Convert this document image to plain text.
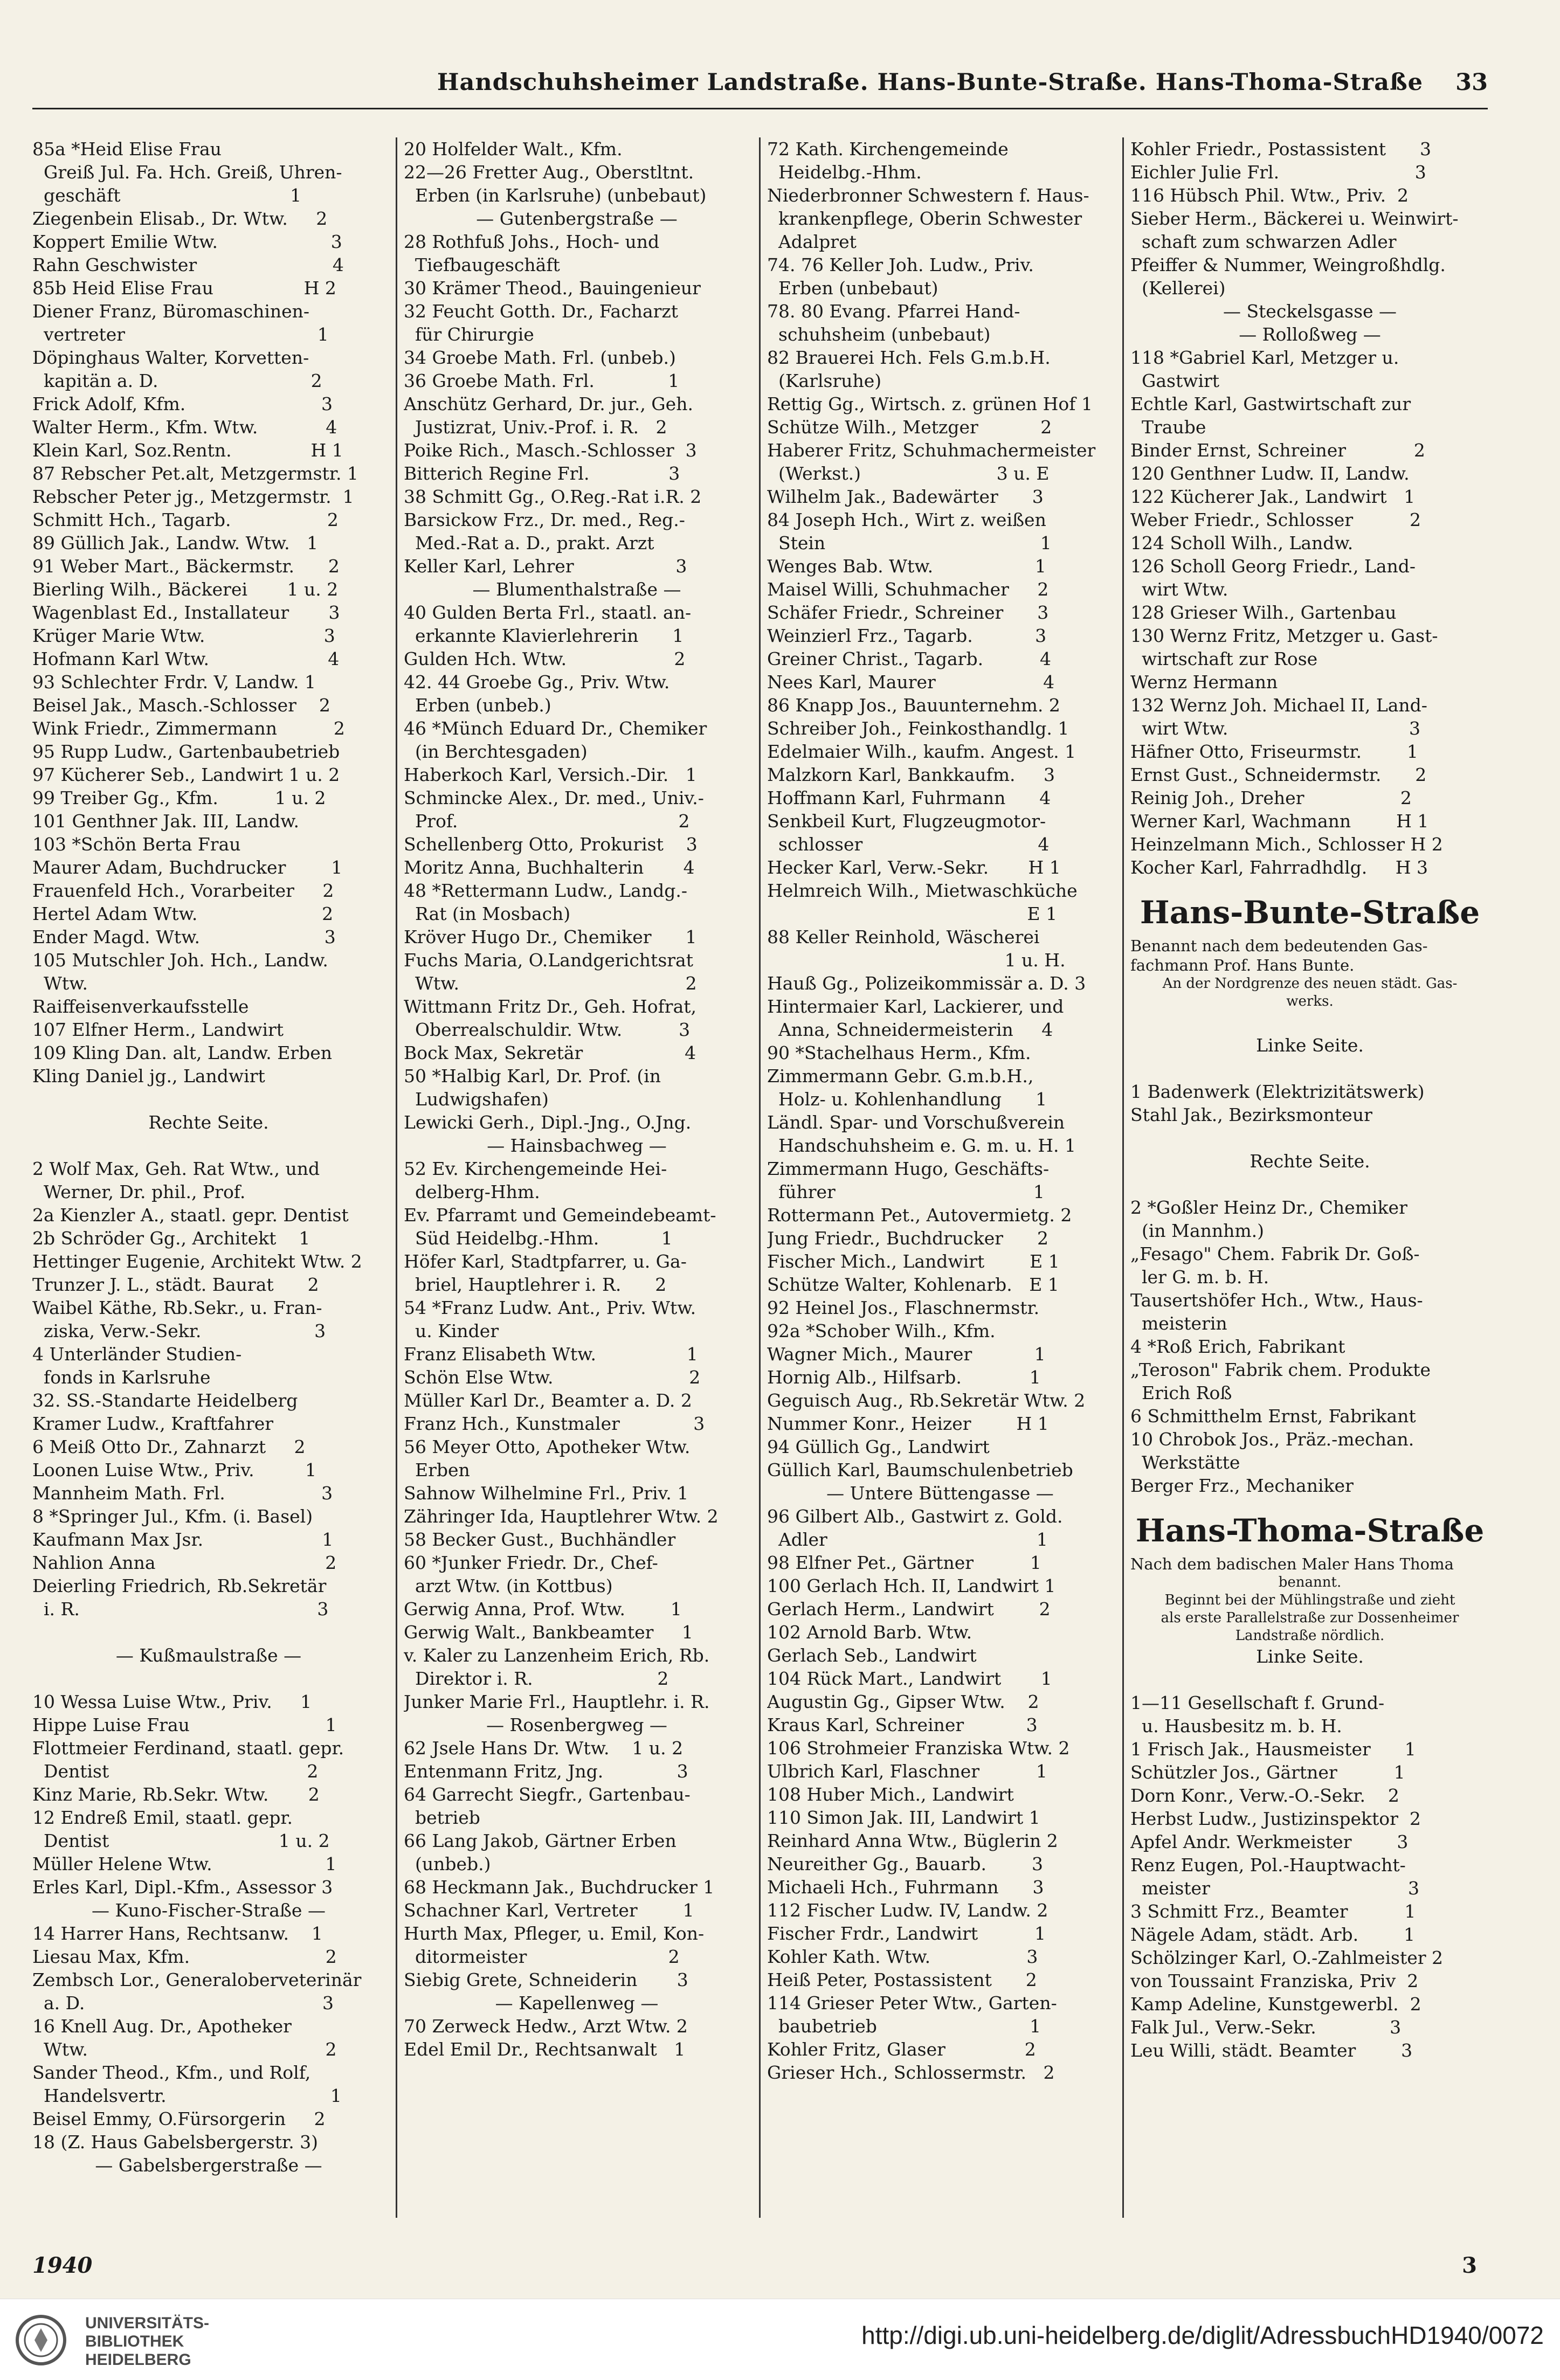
Handschuhsheimer Landstraße. Hans-Bunte-Straße. Hans-Thoma-Straße 33
85a *Heid Elise Frau
Greiß Jul. Fa. Hch. Greiß, Uhren-
geschäft                              1
Ziegenbein Elisab., Dr. Wtw.     2
Koppert Emilie Wtw.                    3
Rahn Geschwister                        4
85b Heid Elise Frau                H 2
Diener Franz, Büromaschinen-
vertreter                                  1
Döpinghaus Walter, Korvetten-
kapitän a. D.                           2
Frick Adolf, Kfm.                        3
Walter Herm., Kfm. Wtw.            4
Klein Karl, Soz.Rentn.              H 1
87 Rebscher Pet.alt, Metzgermstr. 1
Rebscher Peter jg., Metzgermstr.  1
Schmitt Hch., Tagarb.                 2
89 Güllich Jak., Landw. Wtw.   1
91 Weber Mart., Bäckermstr.      2
Bierling Wilh., Bäckerei       1 u. 2
Wagenblast Ed., Installateur       3
Krüger Marie Wtw.                     3
Hofmann Karl Wtw.                     4
93 Schlechter Frdr. V, Landw. 1
Beisel Jak., Masch.-Schlosser    2
Wink Friedr., Zimmermann          2
95 Rupp Ludw., Gartenbaubetrieb
97 Kücherer Seb., Landwirt 1 u. 2
99 Treiber Gg., Kfm.          1 u. 2
101 Genthner Jak. III, Landw.
103 *Schön Berta Frau
Maurer Adam, Buchdrucker        1
Frauenfeld Hch., Vorarbeiter     2
Hertel Adam Wtw.                      2
Ender Magd. Wtw.                      3
105 Mutschler Joh. Hch., Landw.
Wtw.
Raiffeisenverkaufsstelle
107 Elfner Herm., Landwirt
109 Kling Dan. alt, Landw. Erben
Kling Daniel jg., Landwirt

Rechte Seite.

2 Wolf Max, Geh. Rat Wtw., und
Werner, Dr. phil., Prof.
2a Kienzler A., staatl. gepr. Dentist
2b Schröder Gg., Architekt    1
Hettinger Eugenie, Architekt Wtw. 2
Trunzer J. L., städt. Baurat      2
Waibel Käthe, Rb.Sekr., u. Fran-
ziska, Verw.-Sekr.                    3
4 Unterländer Studien-
fonds in Karlsruhe
32. SS.-Standarte Heidelberg
Kramer Ludw., Kraftfahrer
6 Meiß Otto Dr., Zahnarzt     2
Loonen Luise Wtw., Priv.         1
Mannheim Math. Frl.                 3
8 *Springer Jul., Kfm. (i. Basel)
Kaufmann Max Jsr.                     1
Nahlion Anna                              2
Deierling Friedrich, Rb.Sekretär
i. R.                                          3

— Kußmaulstraße —

10 Wessa Luise Wtw., Priv.     1
Hippe Luise Frau                        1
Flottmeier Ferdinand, staatl. gepr.
Dentist                                   2
Kinz Marie, Rb.Sekr. Wtw.       2
12 Endreß Emil, staatl. gepr.
Dentist                              1 u. 2
Müller Helene Wtw.                    1
Erles Karl, Dipl.-Kfm., Assessor 3
— Kuno-Fischer-Straße —
14 Harrer Hans, Rechtsanw.    1
Liesau Max, Kfm.                        2
Zembsch Lor., Generaloberveterinär
a. D.                                          3
16 Knell Aug. Dr., Apotheker
Wtw.                                          2
Sander Theod., Kfm., und Rolf,
Handelsvertr.                             1
Beisel Emmy, O.Fürsorgerin     2
18 (Z. Haus Gabelsbergerstr. 3)
— Gabelsbergerstraße —
20 Holfelder Walt., Kfm.
22—26 Fretter Aug., Oberstltnt.
Erben (in Karlsruhe) (unbebaut)
— Gutenbergstraße —
28 Rothfuß Johs., Hoch- und
Tiefbaugeschäft
30 Krämer Theod., Bauingenieur
32 Feucht Gotth. Dr., Facharzt
für Chirurgie
34 Groebe Math. Frl. (unbeb.)
36 Groebe Math. Frl.             1
Anschütz Gerhard, Dr. jur., Geh.
Justizrat, Univ.-Prof. i. R.   2
Poike Rich., Masch.-Schlosser  3
Bitterich Regine Frl.              3
38 Schmitt Gg., O.Reg.-Rat i.R. 2
Barsickow Frz., Dr. med., Reg.-
Med.-Rat a. D., prakt. Arzt
Keller Karl, Lehrer                  3
— Blumenthalstraße —
40 Gulden Berta Frl., staatl. an-
erkannte Klavierlehrerin      1
Gulden Hch. Wtw.                   2
42. 44 Groebe Gg., Priv. Wtw.
Erben (unbeb.)
46 *Münch Eduard Dr., Chemiker
(in Berchtesgaden)
Haberkoch Karl, Versich.-Dir.   1
Schmincke Alex., Dr. med., Univ.-
Prof.                                       2
Schellenberg Otto, Prokurist    3
Moritz Anna, Buchhalterin       4
48 *Rettermann Ludw., Landg.-
Rat (in Mosbach)
Kröver Hugo Dr., Chemiker      1
Fuchs Maria, O.Landgerichtsrat
Wtw.                                        2
Wittmann Fritz Dr., Geh. Hofrat,
Oberrealschuldir. Wtw.          3
Bock Max, Sekretär                  4
50 *Halbig Karl, Dr. Prof. (in
Ludwigshafen)
Lewicki Gerh., Dipl.-Jng., O.Jng.
— Hainsbachweg —
52 Ev. Kirchengemeinde Hei-
delberg-Hhm.
Ev. Pfarramt und Gemeindebeamt-
Süd Heidelbg.-Hhm.           1
Höfer Karl, Stadtpfarrer, u. Ga-
briel, Hauptlehrer i. R.      2
54 *Franz Ludw. Ant., Priv. Wtw.
u. Kinder
Franz Elisabeth Wtw.                1
Schön Else Wtw.                        2
Müller Karl Dr., Beamter a. D. 2
Franz Hch., Kunstmaler             3
56 Meyer Otto, Apotheker Wtw.
Erben
Sahnow Wilhelmine Frl., Priv. 1
Zähringer Ida, Hauptlehrer Wtw. 2
58 Becker Gust., Buchhändler
60 *Junker Friedr. Dr., Chef-
arzt Wtw. (in Kottbus)
Gerwig Anna, Prof. Wtw.        1
Gerwig Walt., Bankbeamter     1
v. Kaler zu Lanzenheim Erich, Rb.
Direktor i. R.                      2
Junker Marie Frl., Hauptlehr. i. R.
— Rosenbergweg —
62 Jsele Hans Dr. Wtw.    1 u. 2
Entenmann Fritz, Jng.             3
64 Garrecht Siegfr., Gartenbau-
betrieb
66 Lang Jakob, Gärtner Erben
(unbeb.)
68 Heckmann Jak., Buchdrucker 1
Schachner Karl, Vertreter        1
Hurth Max, Pfleger, u. Emil, Kon-
ditormeister                         2
Siebig Grete, Schneiderin       3
— Kapellenweg —
70 Zerweck Hedw., Arzt Wtw. 2
Edel Emil Dr., Rechtsanwalt   1
72 Kath. Kirchengemeinde
Heidelbg.-Hhm.
Niederbronner Schwestern f. Haus-
krankenpflege, Oberin Schwester
Adalpret
74. 76 Keller Joh. Ludw., Priv.
Erben (unbebaut)
78. 80 Evang. Pfarrei Hand-
schuhsheim (unbebaut)
82 Brauerei Hch. Fels G.m.b.H.
(Karlsruhe)
Rettig Gg., Wirtsch. z. grünen Hof 1
Schütze Wilh., Metzger           2
Haberer Fritz, Schuhmachermeister
(Werkst.)                        3 u. E
Wilhelm Jak., Badewärter      3
84 Joseph Hch., Wirt z. weißen
Stein                                      1
Wenges Bab. Wtw.                  1
Maisel Willi, Schuhmacher     2
Schäfer Friedr., Schreiner      3
Weinzierl Frz., Tagarb.           3
Greiner Christ., Tagarb.          4
Nees Karl, Maurer                   4
86 Knapp Jos., Bauunternehm. 2
Schreiber Joh., Feinkosthandlg. 1
Edelmaier Wilh., kaufm. Angest. 1
Malzkorn Karl, Bankkaufm.     3
Hoffmann Karl, Fuhrmann      4
Senkbeil Kurt, Flugzeugmotor-
schlosser                               4
Hecker Karl, Verw.-Sekr.       H 1
Helmreich Wilh., Mietwaschküche
E 1
88 Keller Reinhold, Wäscherei
1 u. H.
Hauß Gg., Polizeikommissär a. D. 3
Hintermaier Karl, Lackierer, und
Anna, Schneidermeisterin     4
90 *Stachelhaus Herm., Kfm.
Zimmermann Gebr. G.m.b.H.,
Holz- u. Kohlenhandlung      1
Ländl. Spar- und Vorschußverein
Handschuhsheim e. G. m. u. H. 1
Zimmermann Hugo, Geschäfts-
führer                                   1
Rottermann Pet., Autovermietg. 2
Jung Friedr., Buchdrucker      2
Fischer Mich., Landwirt        E 1
Schütze Walter, Kohlenarb.   E 1
92 Heinel Jos., Flaschnermstr.
92a *Schober Wilh., Kfm.
Wagner Mich., Maurer           1
Hornig Alb., Hilfsarb.            1
Geguisch Aug., Rb.Sekretär Wtw. 2
Nummer Konr., Heizer        H 1
94 Güllich Gg., Landwirt
Güllich Karl, Baumschulenbetrieb
— Untere Büttengasse —
96 Gilbert Alb., Gastwirt z. Gold.
Adler                                     1
98 Elfner Pet., Gärtner          1
100 Gerlach Hch. II, Landwirt 1
Gerlach Herm., Landwirt        2
102 Arnold Barb. Wtw.
Gerlach Seb., Landwirt
104 Rück Mart., Landwirt       1
Augustin Gg., Gipser Wtw.    2
Kraus Karl, Schreiner           3
106 Strohmeier Franziska Wtw. 2
Ulbrich Karl, Flaschner          1
108 Huber Mich., Landwirt
110 Simon Jak. III, Landwirt 1
Reinhard Anna Wtw., Büglerin 2
Neureither Gg., Bauarb.        3
Michaeli Hch., Fuhrmann      3
112 Fischer Ludw. IV, Landw. 2
Fischer Frdr., Landwirt          1
Kohler Kath. Wtw.                 3
Heiß Peter, Postassistent      2
114 Grieser Peter Wtw., Garten-
baubetrieb                           1
Kohler Fritz, Glaser              2
Grieser Hch., Schlossermstr.   2
Kohler Friedr., Postassistent      3
Eichler Julie Frl.                        3
116 Hübsch Phil. Wtw., Priv.  2
Sieber Herm., Bäckerei u. Weinwirt-
schaft zum schwarzen Adler
Pfeiffer & Nummer, Weingroßhdlg.
(Kellerei)
— Steckelsgasse —
— Rolloßweg —
118 *Gabriel Karl, Metzger u.
Gastwirt
Echtle Karl, Gastwirtschaft zur
Traube
Binder Ernst, Schreiner            2
120 Genthner Ludw. II, Landw.
122 Kücherer Jak., Landwirt   1
Weber Friedr., Schlosser          2
124 Scholl Wilh., Landw.
126 Scholl Georg Friedr., Land-
wirt Wtw.
128 Grieser Wilh., Gartenbau
130 Wernz Fritz, Metzger u. Gast-
wirtschaft zur Rose
Wernz Hermann
132 Wernz Joh. Michael II, Land-
wirt Wtw.                                3
Häfner Otto, Friseurmstr.        1
Ernst Gust., Schneidermstr.      2
Reinig Joh., Dreher                 2
Werner Karl, Wachmann        H 1
Heinzelmann Mich., Schlosser H 2
Kocher Karl, Fahrradhdlg.     H 3
Hans-Bunte-Straße
Benannt nach dem bedeutenden Gas-
fachmann Prof. Hans Bunte.
An der Nordgrenze des neuen städt. Gas-
werks.

Linke Seite.

1 Badenwerk (Elektrizitätswerk)
Stahl Jak., Bezirksmonteur

Rechte Seite.

2 *Goßler Heinz Dr., Chemiker
(in Mannhm.)
„Fesago" Chem. Fabrik Dr. Goß-
ler G. m. b. H.
Tausertshöfer Hch., Wtw., Haus-
meisterin
4 *Roß Erich, Fabrikant
„Teroson" Fabrik chem. Produkte
Erich Roß
6 Schmitthelm Ernst, Fabrikant
10 Chrobok Jos., Präz.-mechan.
Werkstätte
Berger Frz., Mechaniker
Hans-Thoma-Straße
Nach dem badischen Maler Hans Thoma
benannt.
Beginnt bei der Mühlingstraße und zieht
als erste Parallelstraße zur Dossenheimer
Landstraße nördlich.
Linke Seite.

1—11 Gesellschaft f. Grund-
u. Hausbesitz m. b. H.
1 Frisch Jak., Hausmeister      1
Schützler Jos., Gärtner          1
Dorn Konr., Verw.-O.-Sekr.    2
Herbst Ludw., Justizinspektor  2
Apfel Andr. Werkmeister        3
Renz Eugen, Pol.-Hauptwacht-
meister                                   3
3 Schmitt Frz., Beamter          1
Nägele Adam, städt. Arb.        1
Schölzinger Karl, O.-Zahlmeister 2
von Toussaint Franziska, Priv  2
Kamp Adeline, Kunstgewerbl.  2
Falk Jul., Verw.-Sekr.             3
Leu Willi, städt. Beamter        3
1940	3
UNIVERSITÄTS-
BIBLIOTHEK
HEIDELBERG
http://digi.ub.uni-heidelberg.de/diglit/AdressbuchHD1940/0072
